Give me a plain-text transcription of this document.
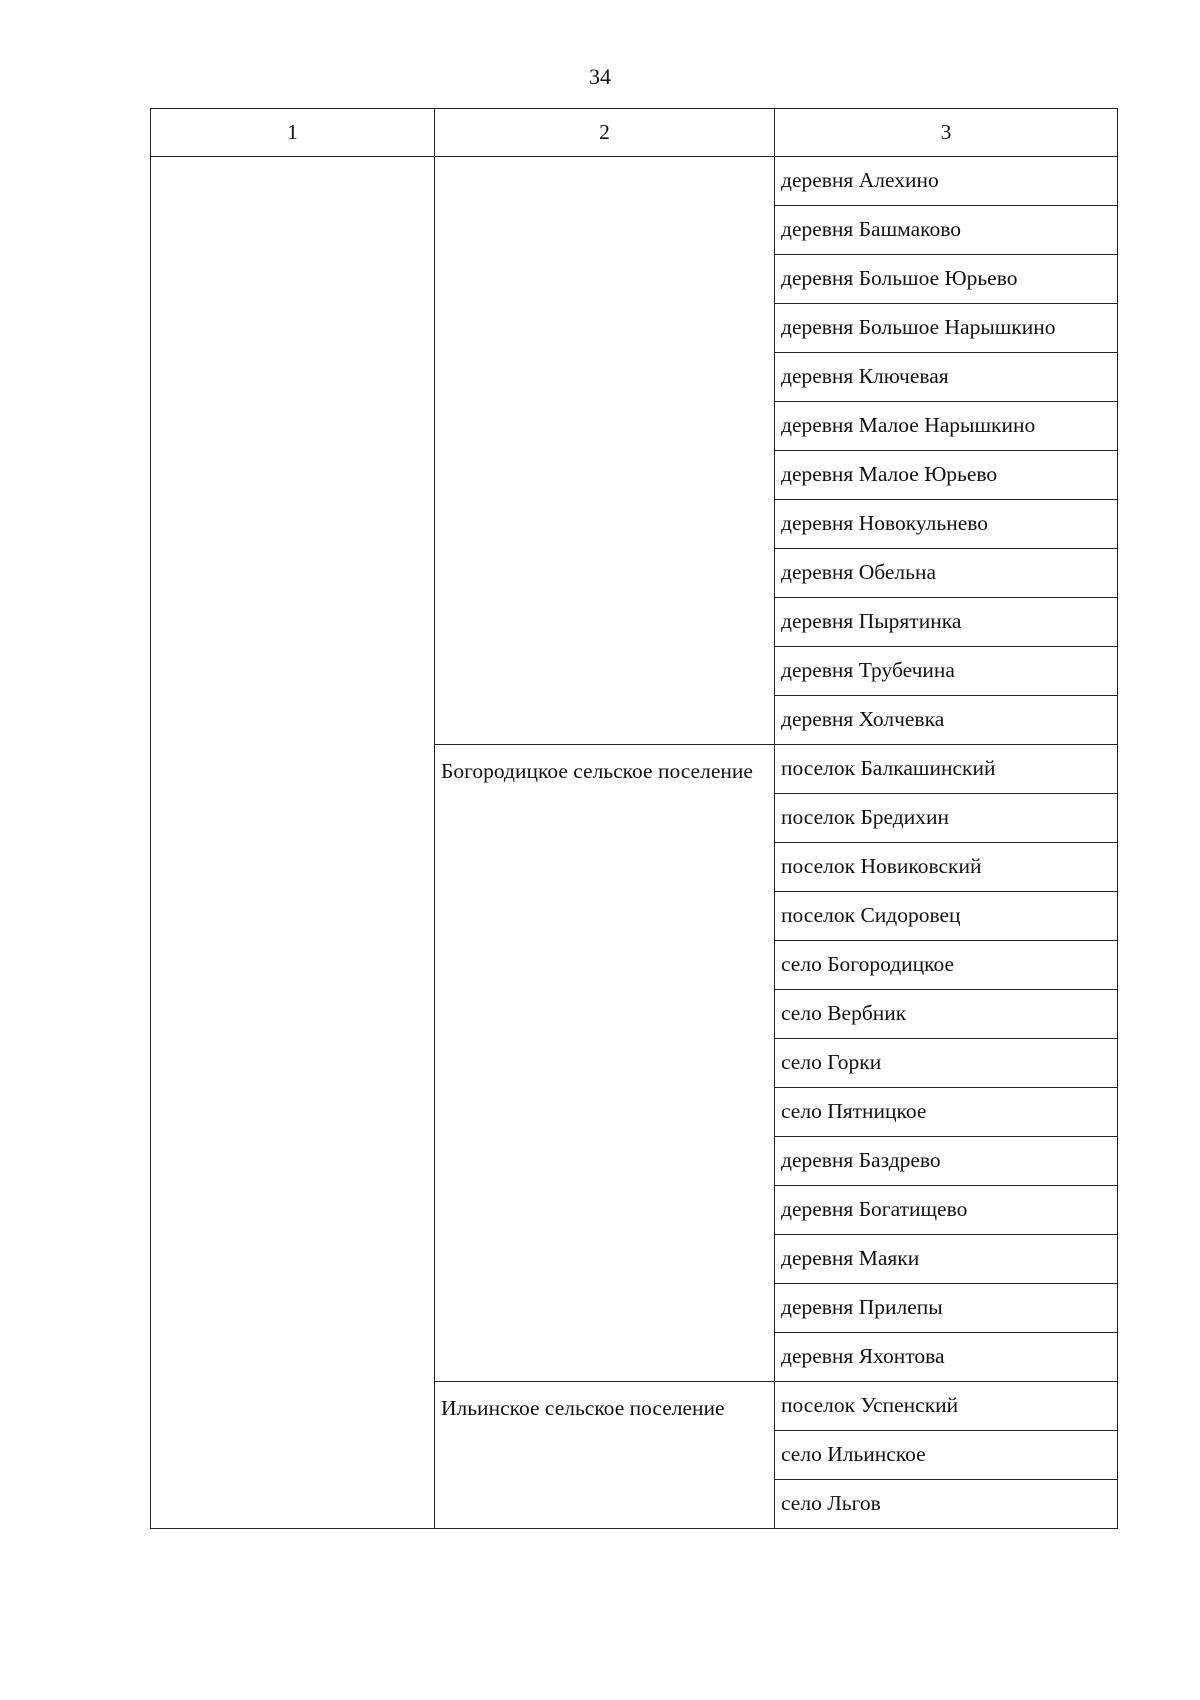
34
1	2	3
		деревня Алехино
		деревня Башмаково
		деревня Большое Юрьево
		деревня Большое Нарышкино
		деревня Ключевая
		деревня Малое Нарышкино
		деревня Малое Юрьево
		деревня Новокульнево
		деревня Обельна
		деревня Пырятинка
		деревня Трубечина
		деревня Холчевка
	Богородицкое сельское поселение	поселок Балкашинский
		поселок Бредихин
		поселок Новиковский
		поселок Сидоровец
		село Богородицкое
		село Вербник
		село Горки
		село Пятницкое
		деревня Баздрево
		деревня Богатищево
		деревня Маяки
		деревня Прилепы
		деревня Яхонтова
	Ильинское сельское поселение	поселок Успенский
		село Ильинское
		село Льгов
